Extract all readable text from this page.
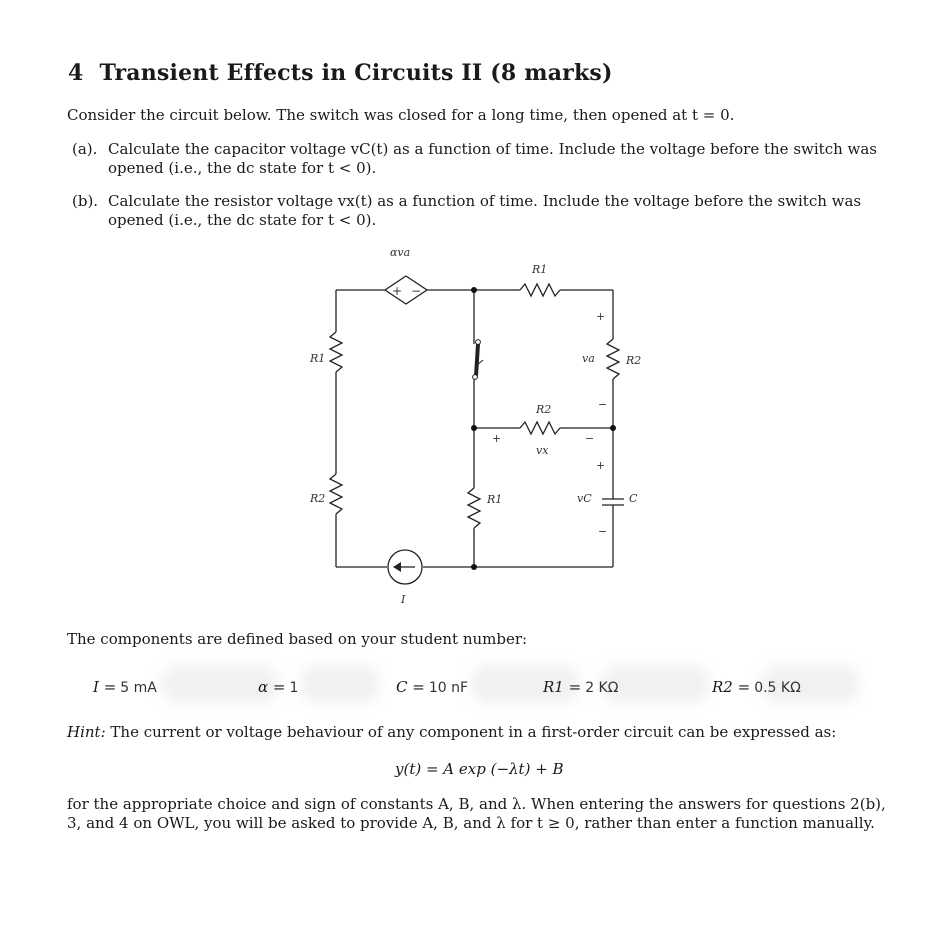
4 Transient Effects in Circuits II (8 marks)
Consider the circuit below. The switch was closed for a long time, then opened at t = 0.
(a). Calculate the capacitor voltage vC(t) as a function of time. Include the voltage before the switch was opened (i.e., the dc state for t < 0).
(b). Calculate the resistor voltage vx(t) as a function of time. Include the voltage before the switch was opened (i.e., the dc state for t < 0).
+ −
αva
R1
R1
R2
R2
R2
vx
R1
va
vC	C
I
+
−
+	−
+
−
The components are defined based on your student number:
I = 5 mA	α = 1	C = 10 nF	R1 = 2 KΩ	R2 = 0.5 KΩ
Hint: The current or voltage behaviour of any component in a first-order circuit can be expressed as:
y(t) = A exp (−λt) + B
for the appropriate choice and sign of constants A, B, and λ. When entering the answers for questions 2(b), 3, and 4 on OWL, you will be asked to provide A, B, and λ for t ≥ 0, rather than enter a function manually.
